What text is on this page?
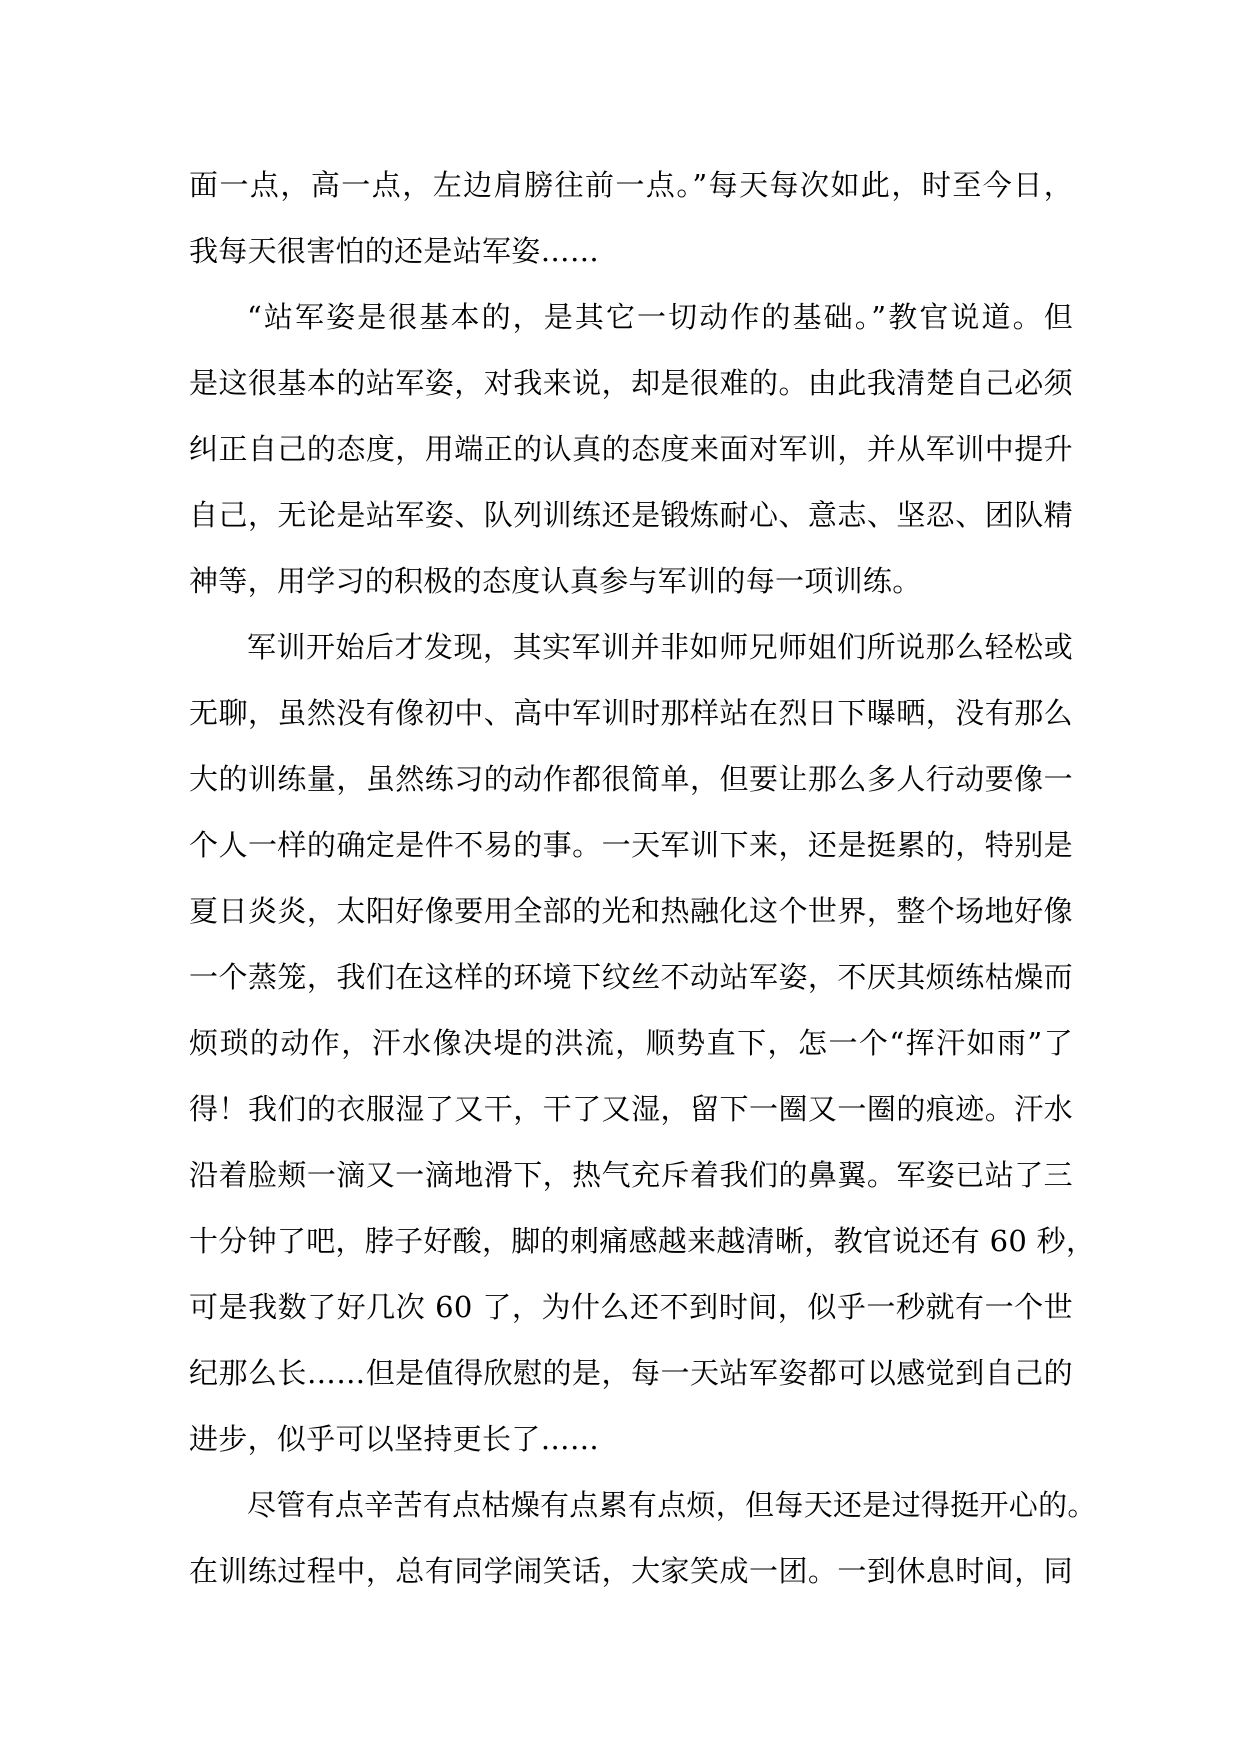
面一点，高一点，左边肩膀往前一点。”每天每次如此，时至今日，
我每天很害怕的还是站军姿……
“站军姿是很基本的，是其它一切动作的基础。”教官说道。但
是这很基本的站军姿，对我来说，却是很难的。由此我清楚自己必须
纠正自己的态度，用端正的认真的态度来面对军训，并从军训中提升
自己，无论是站军姿、队列训练还是锻炼耐心、意志、坚忍、团队精
神等，用学习的积极的态度认真参与军训的每一项训练。
军训开始后才发现，其实军训并非如师兄师姐们所说那么轻松或
无聊，虽然没有像初中、高中军训时那样站在烈日下曝晒，没有那么
大的训练量，虽然练习的动作都很简单，但要让那么多人行动要像一
个人一样的确定是件不易的事。一天军训下来，还是挺累的，特别是
夏日炎炎，太阳好像要用全部的光和热融化这个世界，整个场地好像
一个蒸笼，我们在这样的环境下纹丝不动站军姿，不厌其烦练枯燥而
烦琐的动作，汗水像决堤的洪流，顺势直下，怎一个“挥汗如雨”了
得！我们的衣服湿了又干，干了又湿，留下一圈又一圈的痕迹。汗水
沿着脸颊一滴又一滴地滑下，热气充斥着我们的鼻翼。军姿已站了三
十分钟了吧，脖子好酸，脚的刺痛感越来越清晰，教官说还有 60 秒，
可是我数了好几次 60 了，为什么还不到时间，似乎一秒就有一个世
纪那么长……但是值得欣慰的是，每一天站军姿都可以感觉到自己的
进步，似乎可以坚持更长了……
尽管有点辛苦有点枯燥有点累有点烦，但每天还是过得挺开心的。
在训练过程中，总有同学闹笑话，大家笑成一团。一到休息时间，同
